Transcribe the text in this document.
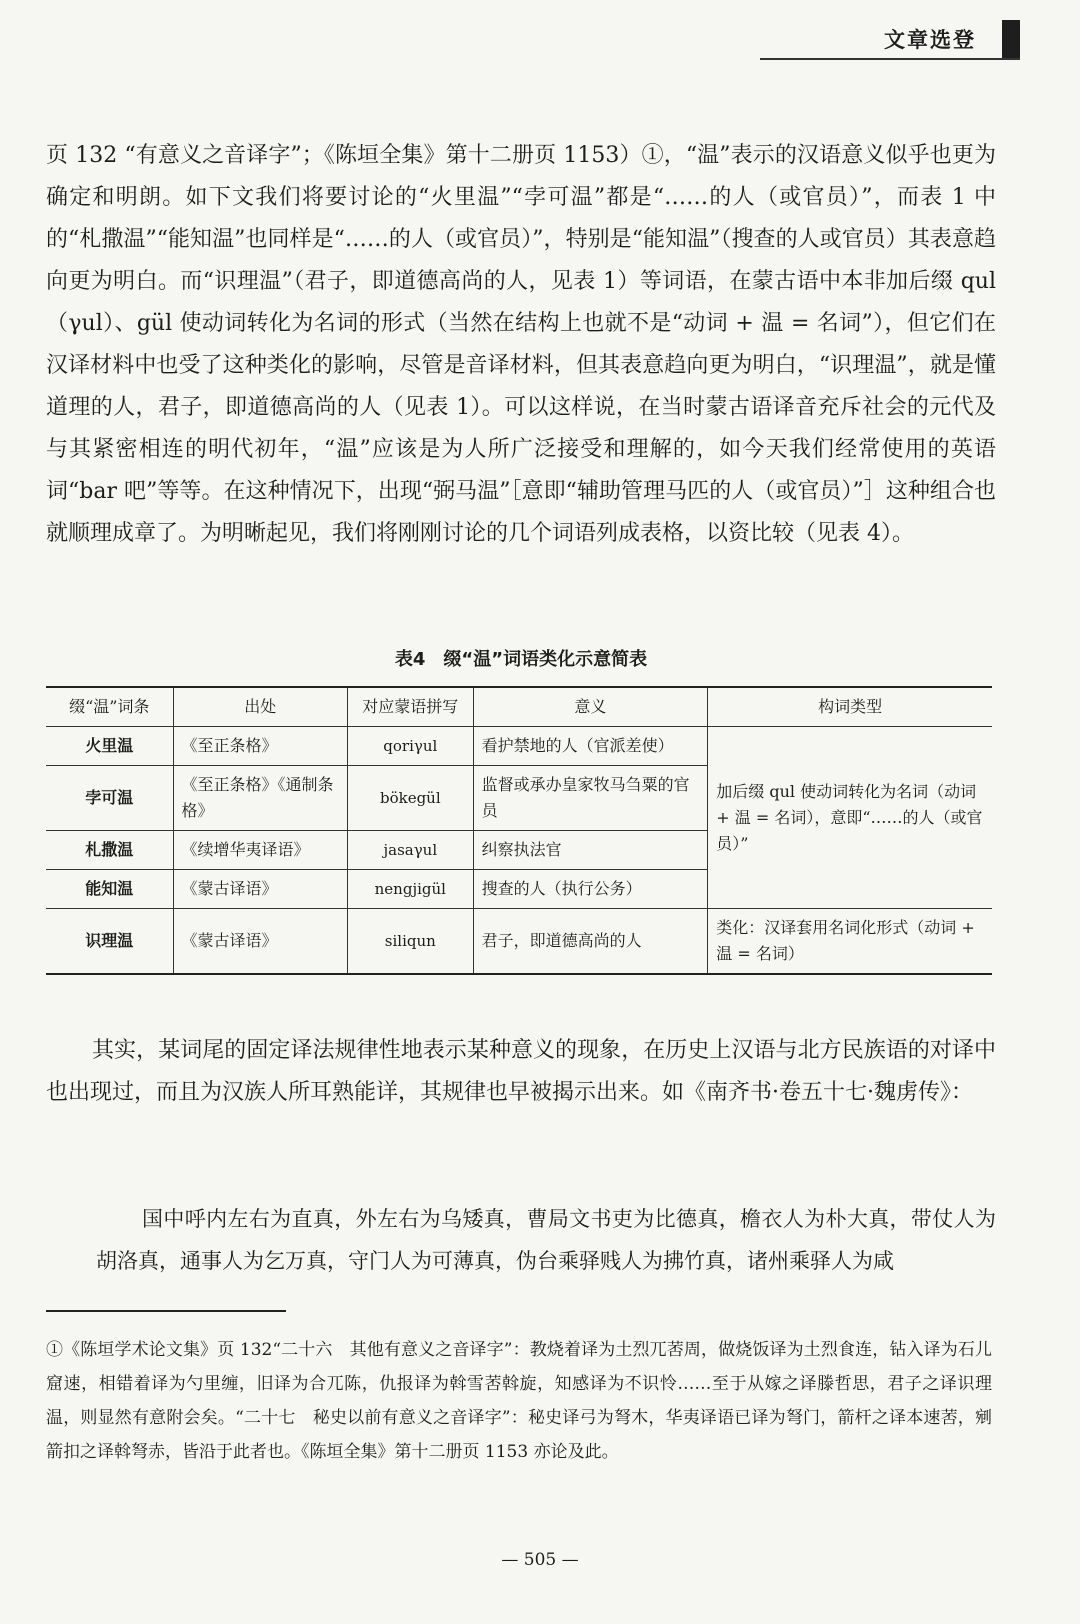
文章选登

页 132 “有意义之音译字”；《陈垣全集》第十二册页 1153）①，“温”表示的汉语意义似乎也更为确定和明朗。如下文我们将要讨论的“火里温”“孛可温”都是“……的人（或官员）”，而表 1 中的“札撒温”“能知温”也同样是“……的人（或官员）”，特别是“能知温”（搜查的人或官员）其表意趋向更为明白。而“识理温”（君子，即道德高尚的人，见表 1）等词语，在蒙古语中本非加后缀 qul（γul）、gül 使动词转化为名词的形式（当然在结构上也就不是“动词 + 温 = 名词”），但它们在汉译材料中也受了这种类化的影响，尽管是音译材料，但其表意趋向更为明白，“识理温”，就是懂道理的人，君子，即道德高尚的人（见表 1）。可以这样说，在当时蒙古语译音充斥社会的元代及与其紧密相连的明代初年，“温”应该是为人所广泛接受和理解的，如今天我们经常使用的英语词“bar 吧”等等。在这种情况下，出现“弼马温”［意即“辅助管理马匹的人（或官员）”］这种组合也就顺理成章了。为明晰起见，我们将刚刚讨论的几个词语列成表格，以资比较（见表 4）。

表4　缀“温”词语类化示意简表
缀“温”词条	出处	对应蒙语拼写	意义	构词类型
火里温	《至正条格》	qoriγul	看护禁地的人（官派差使）	加后缀 qul 使动词转化为名词（动词 + 温 = 名词），意即“……的人（或官员）”
孛可温	《至正条格》《通制条格》	bökegül	监督或承办皇家牧马刍粟的官员	
札撒温	《续增华夷译语》	jasaγul	纠察执法官	
能知温	《蒙古译语》	nengjigül	搜查的人（执行公务）	
识理温	《蒙古译语》	siliqun	君子，即道德高尚的人	类化：汉译套用名词化形式（动词 + 温 = 名词）

其实，某词尾的固定译法规律性地表示某种意义的现象，在历史上汉语与北方民族语的对译中也出现过，而且为汉族人所耳熟能详，其规律也早被揭示出来。如《南齐书·卷五十七·魏虏传》：

国中呼内左右为直真，外左右为乌矮真，曹局文书吏为比德真，檐衣人为朴大真，带仗人为胡洛真，通事人为乞万真，守门人为可薄真，伪台乘驿贱人为拂竹真，诸州乘驿人为咸

①《陈垣学术论文集》页 132“二十六　其他有意义之音译字”：教烧着译为土烈兀䓏周，做烧饭译为土烈食连，钻入译为石儿窟速，相错着译为勺里缠，旧译为合兀陈，仇报译为斡雪䓏斡旋，知感译为不识怜……至于从嫁之译滕哲思，君子之译识理温，则显然有意附会矣。“二十七　秘史以前有意义之音译字”：秘史译弓为弩木，华夷译语已译为弩门，箭杆之译本速䓏，剜箭扣之译斡弩赤，皆沿于此者也。《陈垣全集》第十二册页 1153 亦论及此。

— 505 —
